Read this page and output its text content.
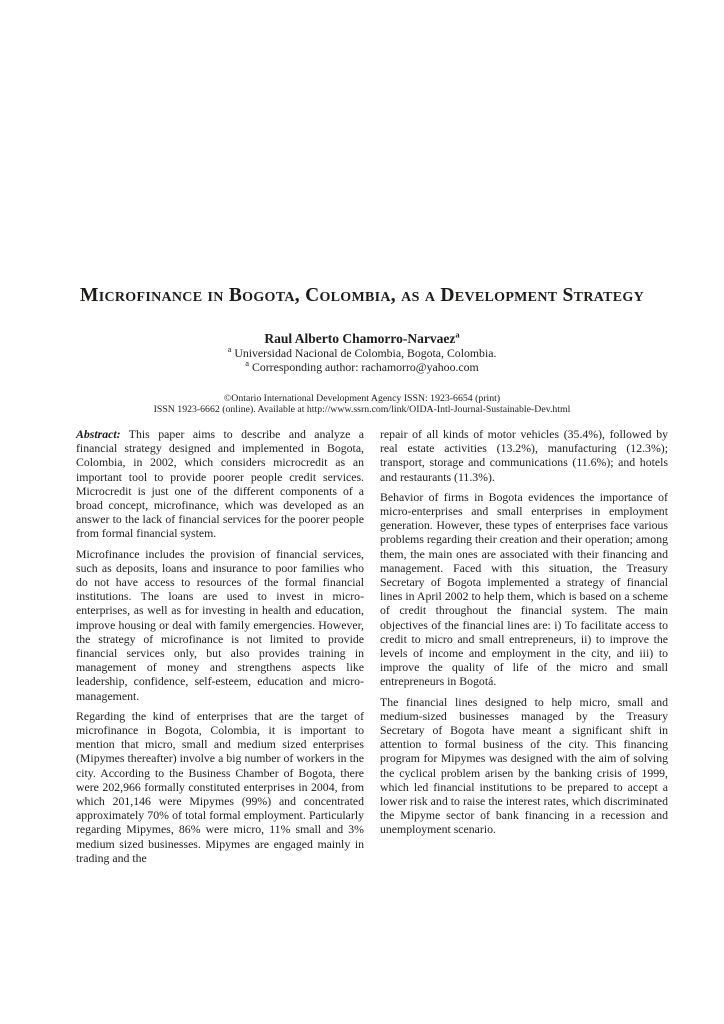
Microfinance in Bogota, Colombia, as a Development Strategy
Raul Alberto Chamorro-Narvaez$^a$
$^a$ Universidad Nacional de Colombia, Bogota, Colombia.
$^a$ Corresponding author: rachamorro@yahoo.com
©Ontario International Development Agency ISSN: 1923-6654 (print)
ISSN 1923-6662 (online). Available at http://www.ssrn.com/link/OIDA-Intl-Journal-Sustainable-Dev.html

Abstract: This paper aims to describe and analyze a financial strategy designed and implemented in Bogota, Colombia, in 2002, which considers microcredit as an important tool to provide poorer people credit services. Microcredit is just one of the different components of a broad concept, microfinance, which was developed as an answer to the lack of financial services for the poorer people from formal financial system.

Microfinance includes the provision of financial services, such as deposits, loans and insurance to poor families who do not have access to resources of the formal financial institutions. The loans are used to invest in micro-enterprises, as well as for investing in health and education, improve housing or deal with family emergencies. However, the strategy of microfinance is not limited to provide financial services only, but also provides training in management of money and strengthens aspects like leadership, confidence, self-esteem, education and micro-management.

Regarding the kind of enterprises that are the target of microfinance in Bogota, Colombia, it is important to mention that micro, small and medium sized enterprises (Mipymes thereafter) involve a big number of workers in the city. According to the Business Chamber of Bogota, there were 202,966 formally constituted enterprises in 2004, from which 201,146 were Mipymes (99%) and concentrated approximately 70% of total formal employment. Particularly regarding Mipymes, 86% were micro, 11% small and 3% medium sized businesses. Mipymes are engaged mainly in trading and the

repair of all kinds of motor vehicles (35.4%), followed by real estate activities (13.2%), manufacturing (12.3%); transport, storage and communications (11.6%); and hotels and restaurants (11.3%).

Behavior of firms in Bogota evidences the importance of micro-enterprises and small enterprises in employment generation. However, these types of enterprises face various problems regarding their creation and their operation; among them, the main ones are associated with their financing and management. Faced with this situation, the Treasury Secretary of Bogota implemented a strategy of financial lines in April 2002 to help them, which is based on a scheme of credit throughout the financial system. The main objectives of the financial lines are: i) To facilitate access to credit to micro and small entrepreneurs, ii) to improve the levels of income and employment in the city, and iii) to improve the quality of life of the micro and small entrepreneurs in Bogotá.

The financial lines designed to help micro, small and medium-sized businesses managed by the Treasury Secretary of Bogota have meant a significant shift in attention to formal business of the city. This financing program for Mipymes was designed with the aim of solving the cyclical problem arisen by the banking crisis of 1999, which led financial institutions to be prepared to accept a lower risk and to raise the interest rates, which discriminated the Mipyme sector of bank financing in a recession and unemployment scenario.
